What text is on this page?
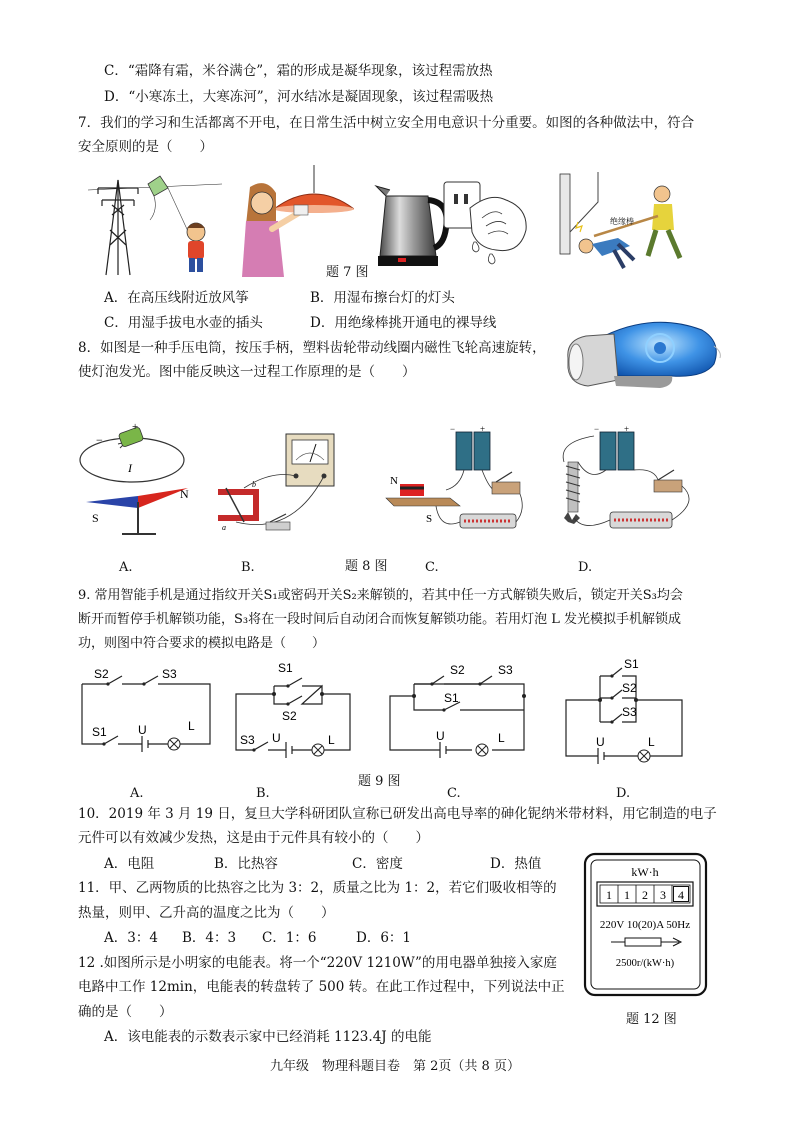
C．“霜降有霜，米谷满仓”，霜的形成是凝华现象，该过程需放热
D．“小寒冻土，大寒冻河”，河水结冰是凝固现象，该过程需吸热
7．我们的学习和生活都离不开电，在日常生活中树立安全用电意识十分重要。如图的各种做法中，符合
安全原则的是（　　）
绝缘棒
题 7 图
A．在高压线附近放风筝	B．用湿布擦台灯的灯头
C．用湿手拔电水壶的插头	D．用绝缘棒挑开通电的裸导线
8．如图是一种手压电筒，按压手柄，塑料齿轮带动线圈内磁性飞轮高速旋转，
使灯泡发光。图中能反映这一过程工作原理的是（　　）
+
−
I
N
S
A.
b
a
B.
+
−
N
S
C.
+
−
D.
题 8 图
9. 常用智能手机是通过指纹开关S₁或密码开关S₂来解锁的，若其中任一方式解锁失败后，锁定开关S₃均会
断开而暂停手机解锁功能，S₃将在一段时间后自动闭合而恢复解锁功能。若用灯泡 L 发光模拟手机解锁成
功，则图中符合要求的模拟电路是（　　）
S2	S3
S1	U	L
A.
S1
S2
S3 U	L
B.
S2	S3
S1
U	L
C.
S1
S2
S3
U	L
D.
题 9 图
10．2019 年 3 月 19 日，复旦大学科研团队宣称已研发出高电导率的砷化铌纳米带材料，用它制造的电子
元件可以有效减少发热，这是由于元件具有较小的（　　）
A．电阻	B．比热容	C．密度	D．热值
11．甲、乙两物质的比热容之比为 3：2，质量之比为 1：2，若它们吸收相等的
热量，则甲、乙升高的温度之比为（　　）
A．3：4 B．4：3 C．1：6	D．6：1
12 .如图所示是小明家的电能表。将一个“220V 1210W”的用电器单独接入家庭
电路中工作 12min，电能表的转盘转了 500 转。在此工作过程中，下列说法中正
确的是（　　）
A．该电能表的示数表示家中已经消耗 1123.4J 的电能
kW·h
1 1 2 3 4
220V 10(20)A 50Hz
2500r/(kW·h)
题 12 图
九年级　物理科题目卷　第 2页（共 8 页）
